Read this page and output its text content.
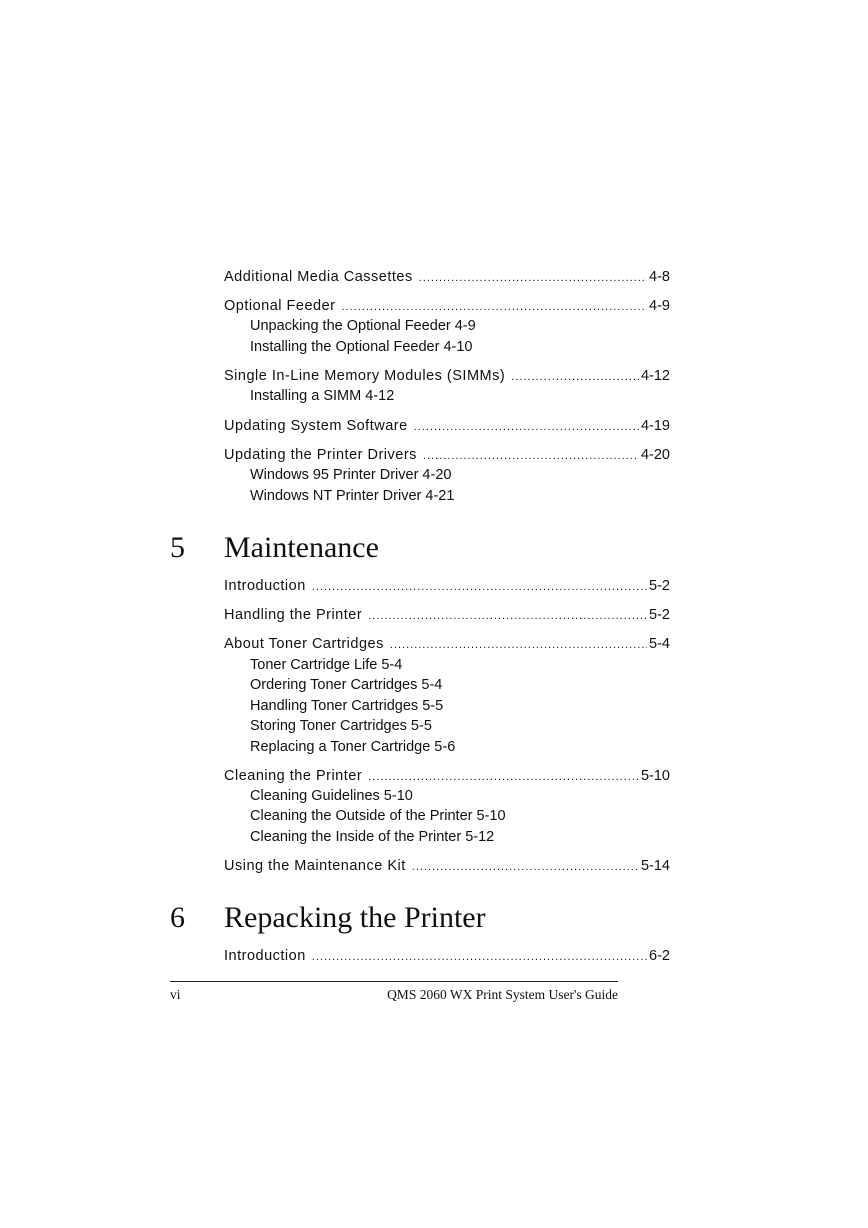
Additional Media Cassettes .....	4-8
Optional Feeder .....	4-9
Unpacking the Optional Feeder 4-9
Installing the Optional Feeder 4-10
Single In-Line Memory Modules (SIMMs) .....	4-12
Installing a SIMM 4-12
Updating System Software .....	4-19
Updating the Printer Drivers .....	4-20
Windows 95 Printer Driver 4-20
Windows NT Printer Driver 4-21
5 Maintenance
Introduction .....	5-2
Handling the Printer .....	5-2
About Toner Cartridges .....	5-4
Toner Cartridge Life 5-4
Ordering Toner Cartridges 5-4
Handling Toner Cartridges 5-5
Storing Toner Cartridges 5-5
Replacing a Toner Cartridge 5-6
Cleaning the Printer .....	5-10
Cleaning Guidelines 5-10
Cleaning the Outside of the Printer 5-10
Cleaning the Inside of the Printer 5-12
Using the Maintenance Kit .....	5-14
6 Repacking the Printer
Introduction .....	6-2
vi	QMS 2060 WX Print System User's Guide
